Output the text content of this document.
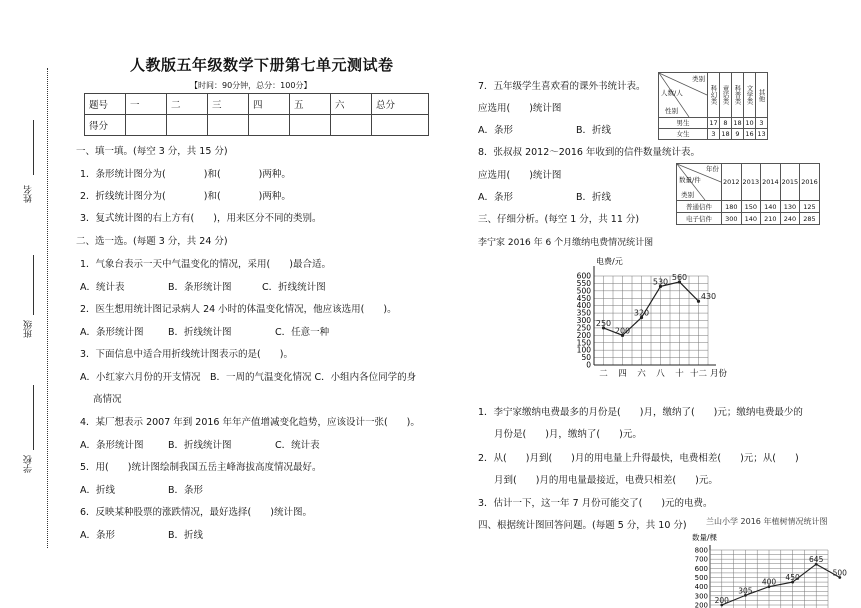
姓名
班级
学校
人教版五年级数学下册第七单元测试卷
【时间：90分钟，总分：100分】
题号	一	二	三	四	五	六	总分
得分							
一、填一填。(每空 3 分，共 15 分)
1．条形统计图分为(　　　　)和(　　　　)两种。
2．折线统计图分为(　　　　)和(　　　　)两种。
3．复式统计图的右上方有(　　)，用来区分不同的类别。
二、选一选。(每题 3 分，共 24 分)
1．气象台表示一天中气温变化的情况，采用(　　)最合适。
A．统计表	B．条形统计图	C．折线统计图
2．医生想用统计图记录病人 24 小时的体温变化情况，他应该选用(　　)。
A．条形统计图	B．折线统计图	C．任意一种
3．下面信息中适合用折线统计图表示的是(　　)。
A．小红家六月份的开支情况　B．一周的气温变化情况 C．小组内各位同学的身
高情况
4．某厂想表示 2007 年到 2016 年年产值增减变化趋势，应该设计一张(　　)。
A．条形统计图	B．折线统计图	C．统计表
5．用(　　)统计图绘制我国五岳主峰海拔高度情况最好。
A．折线	B．条形
6．反映某种股票的涨跌情况，最好选择(　　)统计图。
A．条形	B．折线
7．五年级学生喜欢看的课外书统计表。
应选用(　　)统计图
A．条形	B．折线
类别
人数/人
性别	科幻类	童话类	科普类	文学类	其他
男生	17	8	18	10	3
女生	3	18	9	16	13
8．张叔叔 2012～2016 年收到的信件数量统计表。
应选用(　　)统计图
A．条形	B．折线
年份
数量/件
类别	2012	2013	2014	2015	2016
普通信件	180	150	140	130	125
电子信件	300	140	210	240	285
三、仔细分析。(每空 1 分，共 11 分)
李宁家 2016 年 6 个月缴纳电费情况统计图
0
50
100
150
200
250
300
350
400
450
500
550
600
电费/元
250
200
320
530 560
430
二 四 六 八 十 十二 月份
1．李宁家缴纳电费最多的月份是(　　)月，缴纳了(　　)元；缴纳电费最少的
月份是(　　)月，缴纳了(　　)元。
2．从(　　)月到(　　)月的用电量上升得最快，电费相差(　　)元；从(　　)
月到(　　)月的用电量最接近，电费只相差(　　)元。
3．估计一下，这一年 7 月份可能交了(　　)元的电费。
四、根据统计图回答问题。(每题 5 分，共 10 分) 兰山小学 2016 年植树情况统计图
数量/棵
200
300
400
500
600
700
800
200
305
400
450
645
500
